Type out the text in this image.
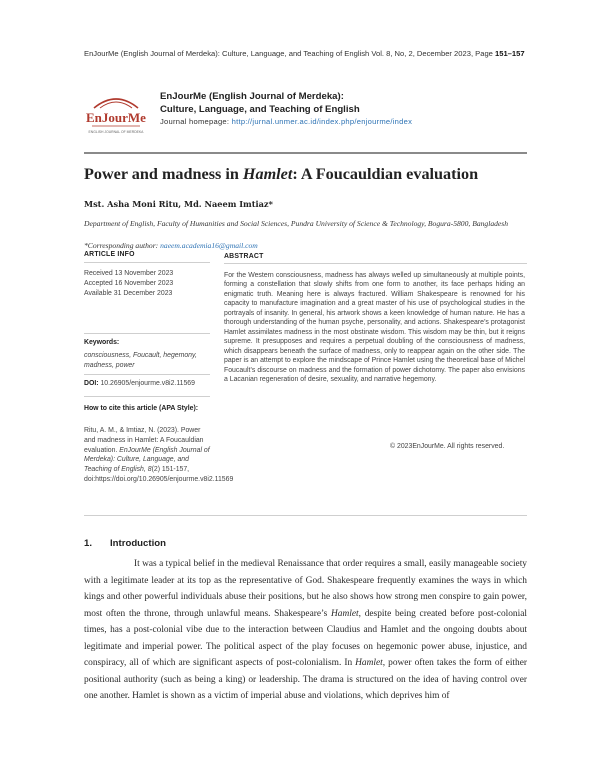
EnJourMe (English Journal of Merdeka): Culture, Language, and Teaching of English Vol. 8, No, 2, December 2023, Page 151–157
EnJourMe
ENGLISH JOURNAL OF MERDEKA
EnJourMe (English Journal of Merdeka):
Culture, Language, and Teaching of English
Journal homepage: http://jurnal.unmer.ac.id/index.php/enjourme/index
Power and madness in Hamlet: A Foucauldian evaluation
Mst. Asha Moni Ritu, Md. Naeem Imtiaz*
Department of English, Faculty of Humanities and Social Sciences, Pundra University of Science & Technology, Bogura-5800, Bangladesh
*Corresponding author: naeem.academia16@gmail.com
ARTICLE INFO
Received 13 November 2023
Accepted 16 November 2023
Available 31 December 2023
Keywords:
consciousness, Foucault, hegemony, madness, power
DOI: 10.26905/enjourme.v8i2.11569
How to cite this article (APA Style):
Ritu, A. M., & Imtiaz, N. (2023). Power and madness in Hamlet: A Foucauldian evaluation. EnJourMe (English Journal of Merdeka): Culture, Language, and Teaching of English, 8(2) 151-157, doi:https://doi.org/10.26905/enjourme.v8i2.11569
ABSTRACT
For the Western consciousness, madness has always welled up simultaneously at multiple points, forming a constellation that slowly shifts from one form to another, its face perhaps hiding an enigmatic truth. Meaning here is always fractured. William Shakespeare is renowned for his capacity to manufacture imagination and a great master of his use of psychological studies in the portrayals of insanity. In general, his artwork shows a keen knowledge of human nature. He has a thorough understanding of the human psyche, personality, and actions. Shakespeare’s protagonist Hamlet assimilates madness in the most obstinate wisdom. This wisdom may be thin, but it reigns supreme. It presupposes and requires a perpetual doubling of the consciousness of madness, which disappears beneath the surface of madness, only to reappear again on the other side. The paper is an attempt to explore the mindscape of Prince Hamlet using the theoretical base of Michel Foucault’s discourse on madness and the formation of power dichotomy. The paper also envisions a Lacanian regeneration of desire, sexuality, and narrative hegemony.
© 2023EnJourMe. All rights reserved.
1. Introduction
It was a typical belief in the medieval Renaissance that order requires a small, easily manageable society with a legitimate leader at its top as the representative of God. Shakespeare frequently examines the ways in which kings and other powerful individuals abuse their positions, but he also shows how strong men conspire to gain power, most often the throne, through unlawful means. Shakespeare’s Hamlet, despite being created before post-colonial times, has a post-colonial vibe due to the interaction between Claudius and Hamlet and the ongoing doubts about legitimate and imperial power. The political aspect of the play focuses on hegemonic power abuse, injustice, and conspiracy, all of which are significant aspects of post-colonialism. In Hamlet, power often takes the form of either positional authority (such as being a king) or leadership. The drama is structured on the idea of having control over one another. Hamlet is shown as a victim of imperial abuse and violations, which deprives him of
